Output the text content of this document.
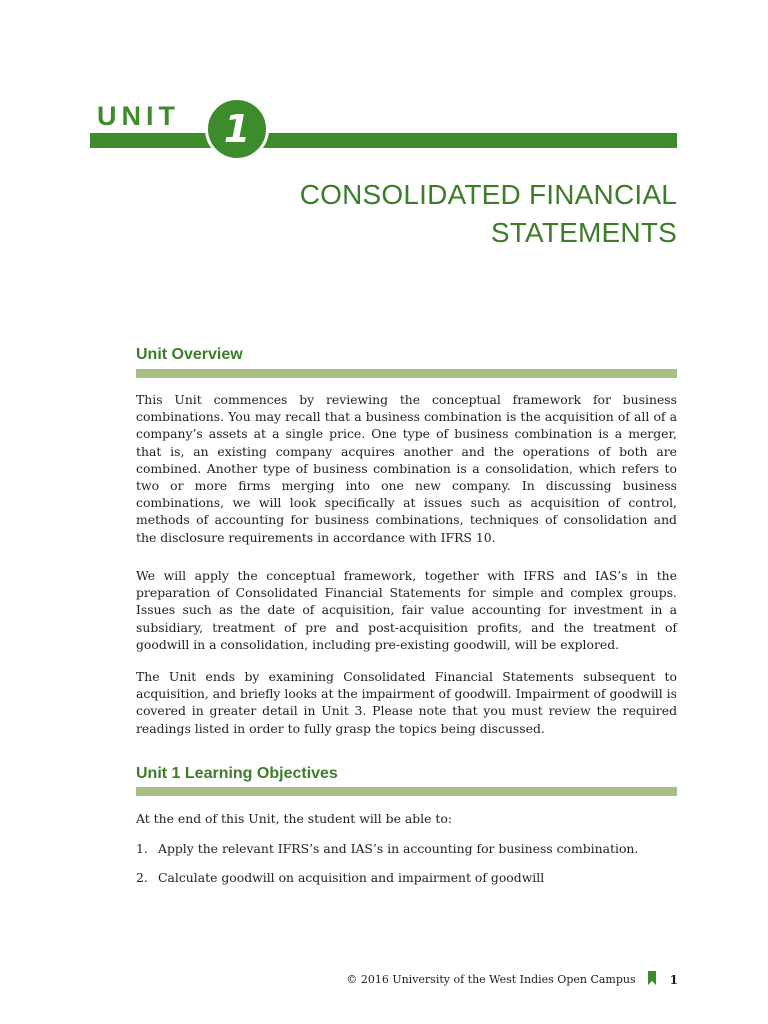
UNIT 1
CONSOLIDATED FINANCIAL
STATEMENTS
Unit Overview
This Unit commences by reviewing the conceptual framework for business combinations. You may recall that a business combination is the acquisition of all of a company’s assets at a single price. One type of business combination is a merger, that is, an existing company acquires another and the operations of both are combined. Another type of business combination is a consolidation, which refers to two or more firms merging into one new company. In discussing business combinations, we will look specifically at issues such as acquisition of control, methods of accounting for business combinations, techniques of consolidation and the disclosure requirements in accordance with IFRS 10.
We will apply the conceptual framework, together with IFRS and IAS’s in the preparation of Consolidated Financial Statements for simple and complex groups. Issues such as the date of acquisition, fair value accounting for investment in a subsidiary, treatment of pre and post-acquisition profits, and the treatment of goodwill in a consolidation, including pre-existing goodwill, will be explored.
The Unit ends by examining Consolidated Financial Statements subsequent to acquisition, and briefly looks at the impairment of goodwill. Impairment of goodwill is covered in greater detail in Unit 3. Please note that you must review the required readings listed in order to fully grasp the topics being discussed.
Unit 1 Learning Objectives
At the end of this Unit, the student will be able to:
1. Apply the relevant IFRS’s and IAS’s in accounting for business combination.
2. Calculate goodwill on acquisition and impairment of goodwill
© 2016 University of the West Indies Open Campus	1
